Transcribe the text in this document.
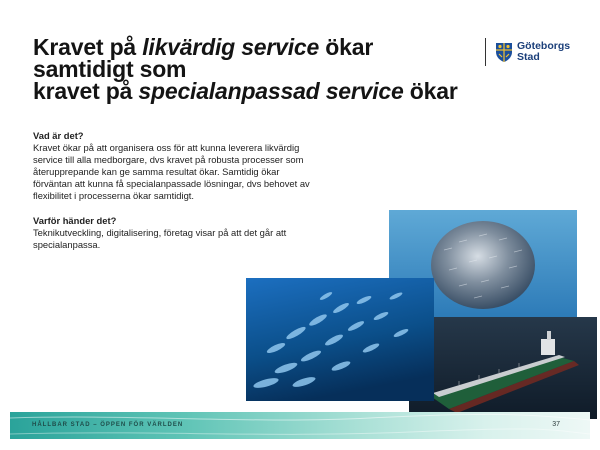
Kravet på likvärdig service ökar
samtidigt som
kravet på specialanpassad service ökar
Göteborgs
Stad
Vad är det?
Kravet ökar på att organisera oss för att kunna leverera likvärdig
service till alla medborgare, dvs kravet på robusta processer som
återupprepande kan ge samma resultat ökar. Samtidig ökar
förväntan att kunna få specialanpassade lösningar, dvs behovet av
flexibilitet i processerna ökar samtidigt.
Varför händer det?
Teknikutveckling, digitalisering, företag visar på att det går att
specialanpassa.
HÅLLBAR STAD – ÖPPEN FÖR VÄRLDEN	37
